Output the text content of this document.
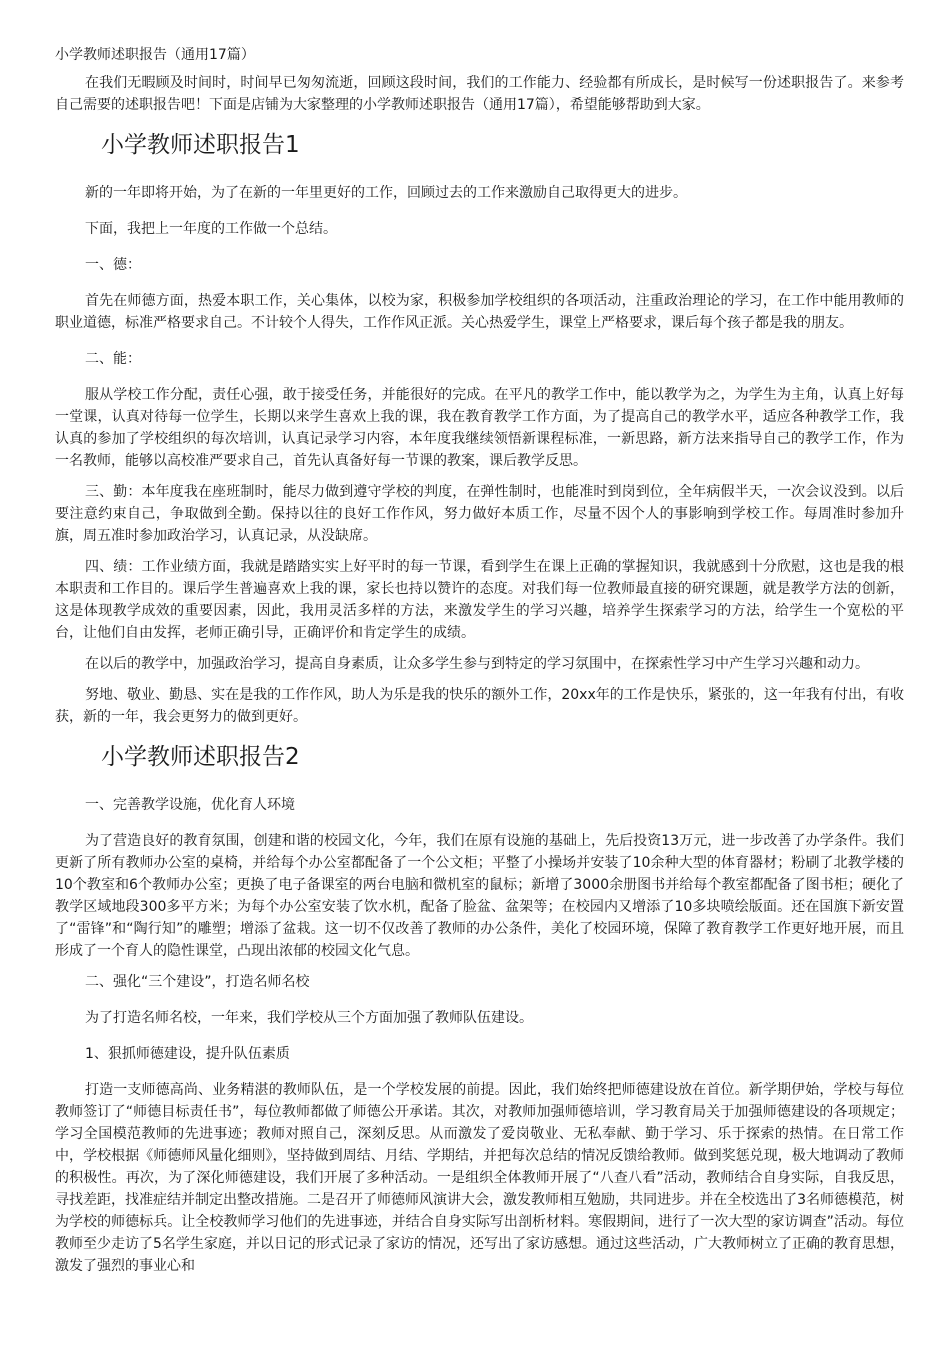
小学教师述职报告（通用17篇）

在我们无暇顾及时间时，时间早已匆匆流逝，回顾这段时间，我们的工作能力、经验都有所成长，是时候写一份述职报告了。来参考自己需要的述职报告吧！下面是店铺为大家整理的小学教师述职报告（通用17篇），希望能够帮助到大家。

小学教师述职报告1

新的一年即将开始，为了在新的一年里更好的工作，回顾过去的工作来激励自己取得更大的进步。

下面，我把上一年度的工作做一个总结。

一、德：

首先在师德方面，热爱本职工作，关心集体，以校为家，积极参加学校组织的各项活动，注重政治理论的学习，在工作中能用教师的职业道德，标准严格要求自己。不计较个人得失，工作作风正派。关心热爱学生，课堂上严格要求，课后每个孩子都是我的朋友。

二、能：

服从学校工作分配，责任心强，敢于接受任务，并能很好的完成。在平凡的教学工作中，能以教学为之，为学生为主角，认真上好每一堂课，认真对待每一位学生，长期以来学生喜欢上我的课，我在教育教学工作方面，为了提高自己的教学水平，适应各种教学工作，我认真的参加了学校组织的每次培训，认真记录学习内容，本年度我继续领悟新课程标准，一新思路，新方法来指导自己的教学工作，作为一名教师，能够以高校准严要求自己，首先认真备好每一节课的教案，课后教学反思。

三、勤：本年度我在座班制时，能尽力做到遵守学校的判度，在弹性制时，也能准时到岗到位，全年病假半天，一次会议没到。以后要注意约束自己，争取做到全勤。保持以往的良好工作作风，努力做好本质工作，尽量不因个人的事影响到学校工作。每周准时参加升旗，周五准时参加政治学习，认真记录，从没缺席。

四、绩：工作业绩方面，我就是踏踏实实上好平时的每一节课，看到学生在课上正确的掌握知识，我就感到十分欣慰，这也是我的根本职责和工作目的。课后学生普遍喜欢上我的课，家长也持以赞许的态度。对我们每一位教师最直接的研究课题，就是教学方法的创新，这是体现教学成效的重要因素，因此，我用灵活多样的方法，来激发学生的学习兴趣，培养学生探索学习的方法，给学生一个宽松的平台，让他们自由发挥，老师正确引导，正确评价和肯定学生的成绩。

在以后的教学中，加强政治学习，提高自身素质，让众多学生参与到特定的学习氛围中，在探索性学习中产生学习兴趣和动力。

努地、敬业、勤恳、实在是我的工作作风，助人为乐是我的快乐的额外工作，20xx年的工作是快乐，紧张的，这一年我有付出，有收获，新的一年，我会更努力的做到更好。

小学教师述职报告2

一、完善教学设施，优化育人环境

为了营造良好的教育氛围，创建和谐的校园文化，今年，我们在原有设施的基础上，先后投资13万元，进一步改善了办学条件。我们更新了所有教师办公室的桌椅，并给每个办公室都配备了一个公文柜；平整了小操场并安装了10余种大型的体育器材；粉刷了北教学楼的10个教室和6个教师办公室；更换了电子备课室的两台电脑和微机室的鼠标；新增了3000余册图书并给每个教室都配备了图书柜；硬化了教学区域地段300多平方米；为每个办公室安装了饮水机，配备了脸盆、盆架等；在校园内又增添了10多块喷绘版面。还在国旗下新安置了“雷锋”和“陶行知”的雕塑；增添了盆栽。这一切不仅改善了教师的办公条件，美化了校园环境，保障了教育教学工作更好地开展，而且形成了一个育人的隐性课堂，凸现出浓郁的校园文化气息。

二、强化“三个建设”，打造名师名校

为了打造名师名校，一年来，我们学校从三个方面加强了教师队伍建设。

1、狠抓师德建设，提升队伍素质

打造一支师德高尚、业务精湛的教师队伍，是一个学校发展的前提。因此，我们始终把师德建设放在首位。新学期伊始，学校与每位教师签订了“师德目标责任书”，每位教师都做了师德公开承诺。其次，对教师加强师德培训，学习教育局关于加强师德建设的各项规定；学习全国模范教师的先进事迹；教师对照自己，深刻反思。从而激发了爱岗敬业、无私奉献、勤于学习、乐于探索的热情。在日常工作中，学校根据《师德师风量化细则》，坚持做到周结、月结、学期结，并把每次总结的情况反馈给教师。做到奖惩兑现，极大地调动了教师的积极性。再次，为了深化师德建设，我们开展了多种活动。一是组织全体教师开展了“八查八看”活动，教师结合自身实际，自我反思，寻找差距，找准症结并制定出整改措施。二是召开了师德师风演讲大会，激发教师相互勉励，共同进步。并在全校选出了3名师德模范，树为学校的师德标兵。让全校教师学习他们的先进事迹，并结合自身实际写出剖析材料。寒假期间，进行了一次大型的家访调查”活动。每位教师至少走访了5名学生家庭，并以日记的形式记录了家访的情况，还写出了家访感想。通过这些活动，广大教师树立了正确的教育思想，激发了强烈的事业心和
